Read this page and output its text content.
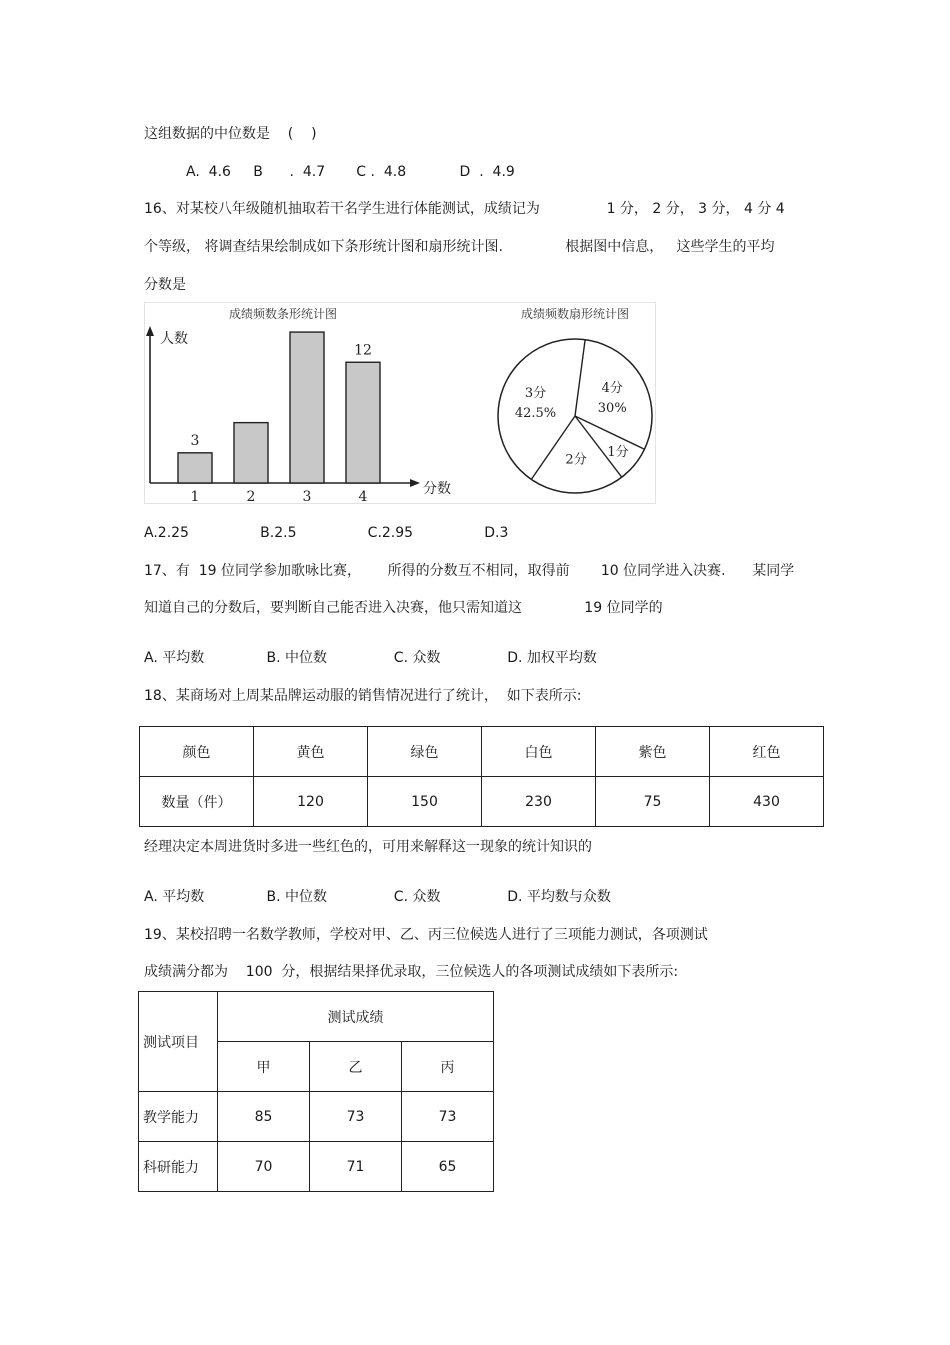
这组数据的中位数是    (    )
A.  4.6     B      .  4.7       C .  4.8            D  .  4.9
16、对某校八年级随机抽取若干名学生进行体能测试，成绩记为               1 分， 2 分， 3 分， 4 分 4
个等级， 将调查结果绘制成如下条形统计图和扇形统计图.              根据图中信息，   这些学生的平均
分数是
成绩频数条形统计图
人数
分数
1
3
2	3	4
12
成绩频数扇形统计图
4分
30%
1分
2分
3分
42.5%
A.2.25                B.2.5                C.2.95                D.3
17、有  19 位同学参加歌咏比赛，      所得的分数互不相同，取得前       10 位同学进入决赛.      某同学
知道自己的分数后，要判断自己能否进入决赛，他只需知道这              19 位同学的
A. 平均数              B. 中位数               C. 众数               D. 加权平均数
18、某商场对上周某品牌运动服的销售情况进行了统计，  如下表所示:
颜色	黄色	绿色	白色	紫色	红色
数量（件）	120	150	230	75	430
经理决定本周进货时多进一些红色的，可用来解释这一现象的统计知识的
A. 平均数              B. 中位数               C. 众数               D. 平均数与众数
19、某校招聘一名数学教师，学校对甲、乙、丙三位候选人进行了三项能力测试，各项测试
成绩满分都为    100  分，根据结果择优录取，三位候选人的各项测试成绩如下表所示:
测试项目	测试成绩		
	甲	乙	丙
教学能力	85	73	73
科研能力	70	71	65
